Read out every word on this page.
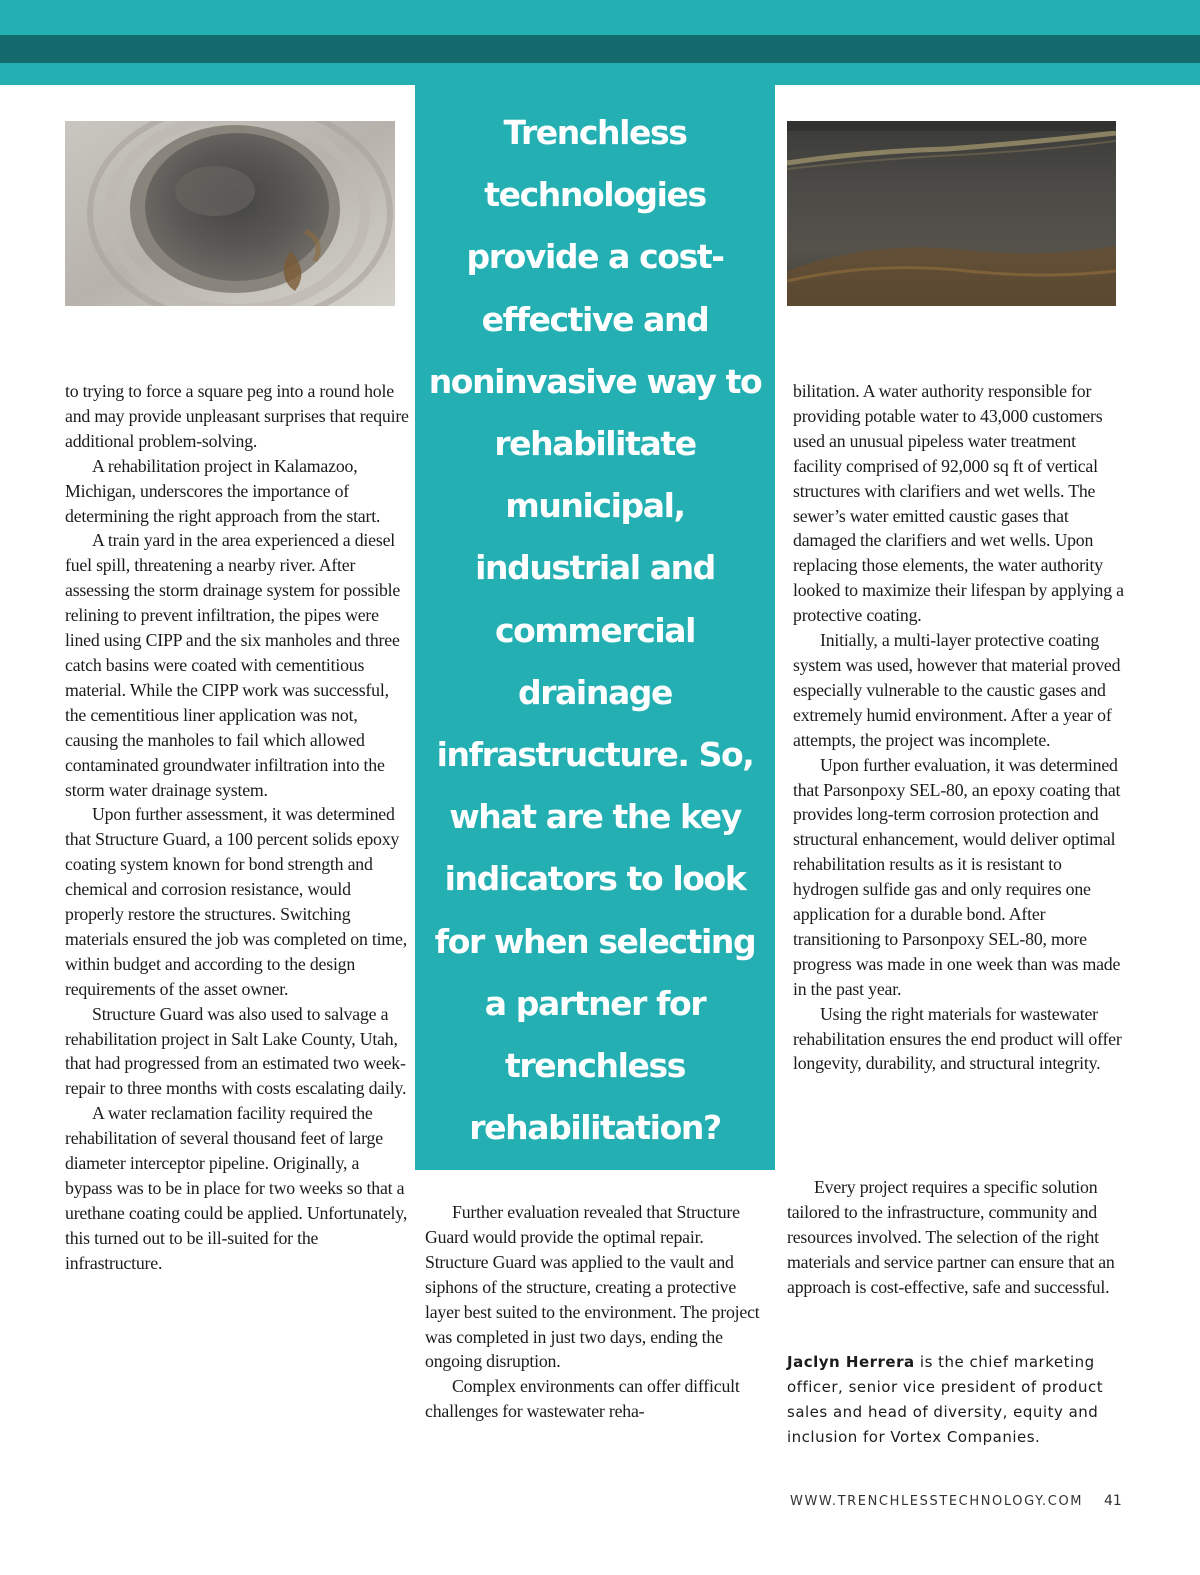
Trenchless technologies provide a cost-effective and noninvasive way to rehabilitate municipal, industrial and commercial drainage infrastructure. So, what are the key indicators to look for when selecting a partner for trenchless rehabilitation?

to trying to force a square peg into a round hole and may provide unpleasant surprises that require additional problem-solving.

A rehabilitation project in Kalamazoo, Michigan, underscores the importance of determining the right approach from the start.

A train yard in the area experienced a diesel fuel spill, threatening a nearby river. After assessing the storm drainage system for possible relining to prevent infiltration, the pipes were lined using CIPP and the six manholes and three catch basins were coated with cementitious material. While the CIPP work was successful, the cementitious liner application was not, causing the manholes to fail which allowed contaminated groundwater infiltration into the storm water drainage system.

Upon further assessment, it was determined that Structure Guard, a 100 percent solids epoxy coating system known for bond strength and chemical and corrosion resistance, would properly restore the structures. Switching materials ensured the job was completed on time, within budget and according to the design requirements of the asset owner.

Structure Guard was also used to salvage a rehabilitation project in Salt Lake County, Utah, that had progressed from an estimated two week-repair to three months with costs escalating daily.

A water reclamation facility required the rehabilitation of several thousand feet of large diameter interceptor pipeline. Originally, a bypass was to be in place for two weeks so that a urethane coating could be applied. Unfortunately, this turned out to be ill-suited for the infrastructure.

Further evaluation revealed that Structure Guard would provide the optimal repair. Structure Guard was applied to the vault and siphons of the structure, creating a protective layer best suited to the environment. The project was completed in just two days, ending the ongoing disruption.

Complex environments can offer difficult challenges for wastewater reha-

bilitation. A water authority responsible for providing potable water to 43,000 customers used an unusual pipeless water treatment facility comprised of 92,000 sq ft of vertical structures with clarifiers and wet wells. The sewer’s water emitted caustic gases that damaged the clarifiers and wet wells. Upon replacing those elements, the water authority looked to maximize their lifespan by applying a protective coating.

Initially, a multi-layer protective coating system was used, however that material proved especially vulnerable to the caustic gases and extremely humid environment. After a year of attempts, the project was incomplete.

Upon further evaluation, it was determined that Parsonpoxy SEL-80, an epoxy coating that provides long-term corrosion protection and structural enhancement, would deliver optimal rehabilitation results as it is resistant to hydrogen sulfide gas and only requires one application for a durable bond. After transitioning to Parsonpoxy SEL-80, more progress was made in one week than was made in the past year.

Using the right materials for wastewater rehabilitation ensures the end product will offer longevity, durability, and structural integrity.

Every project requires a specific solution tailored to the infrastructure, community and resources involved. The selection of the right materials and service partner can ensure that an approach is cost-effective, safe and successful.

Jaclyn Herrera is the chief marketing officer, senior vice president of product sales and head of diversity, equity and inclusion for Vortex Companies.

WWW.TRENCHLESSTECHNOLOGY.COM 41
